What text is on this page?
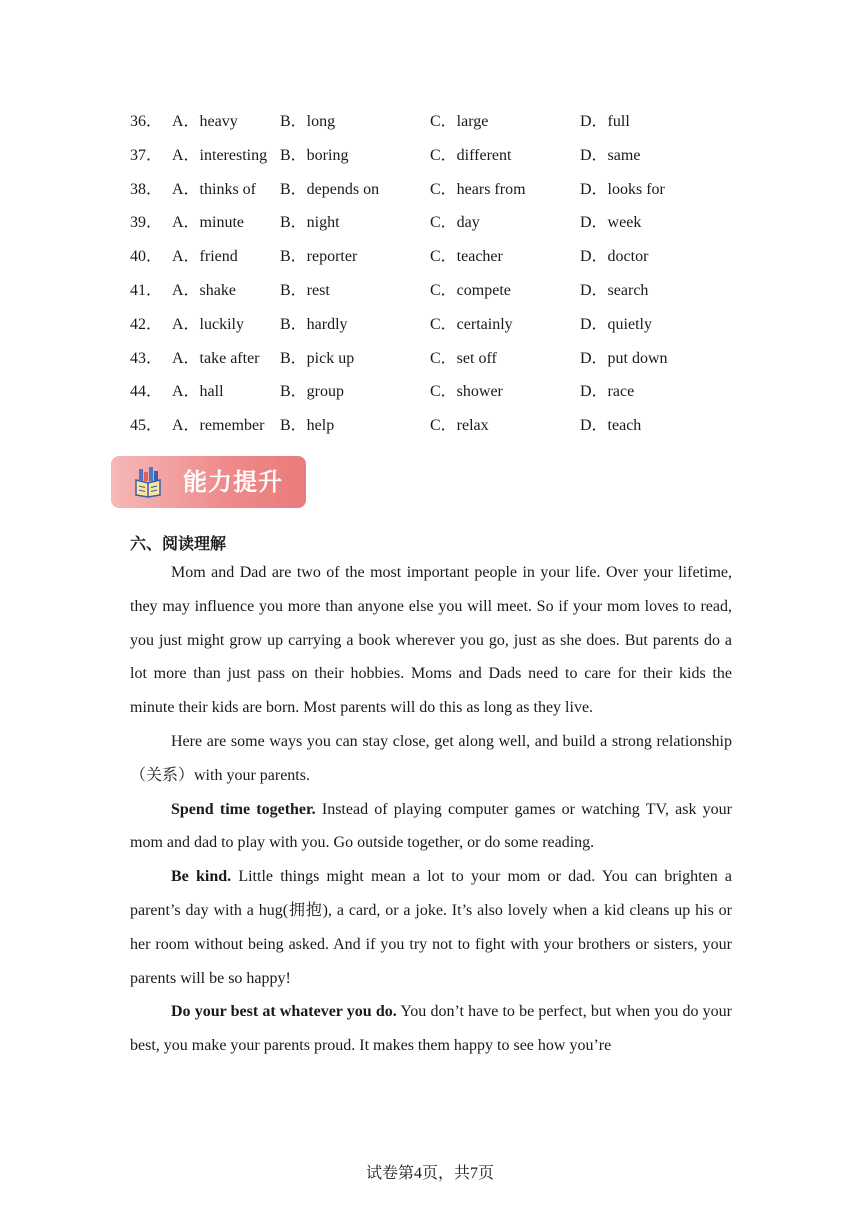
36． A．heavy	B．long	C．large	D．full
37． A．interesting B．boring	C．different	D．same
38． A．thinks of B．depends on	C．hears from	D．looks for
39． A．minute B．night	C．day	D．week
40． A．friend	B．reporter	C．teacher	D．doctor
41． A．shake	B．rest	C．compete	D．search
42． A．luckily B．hardly	C．certainly	D．quietly
43． A．take after B．pick up	C．set off	D．put down
44． A．hall	B．group	C．shower	D．race
45． A．remember B．help	C．relax	D．teach
能力提升
六、阅读理解

Mom and Dad are two of the most important people in your life. Over your lifetime, they may influence you more than anyone else you will meet. So if your mom loves to read, you just might grow up carrying a book wherever you go, just as she does. But parents do a lot more than just pass on their hobbies. Moms and Dads need to care for their kids the minute their kids are born. Most parents will do this as long as they live.

Here are some ways you can stay close, get along well, and build a strong relationship（关系）with your parents.

Spend time together. Instead of playing computer games or watching TV, ask your mom and dad to play with you. Go outside together, or do some reading.

Be kind. Little things might mean a lot to your mom or dad. You can brighten a parent’s day with a hug(拥抱), a card, or a joke. It’s also lovely when a kid cleans up his or her room without being asked. And if you try not to fight with your brothers or sisters, your parents will be so happy!

Do your best at whatever you do. You don’t have to be perfect, but when you do your best, you make your parents proud. It makes them happy to see how you’re

试卷第4页，共7页
